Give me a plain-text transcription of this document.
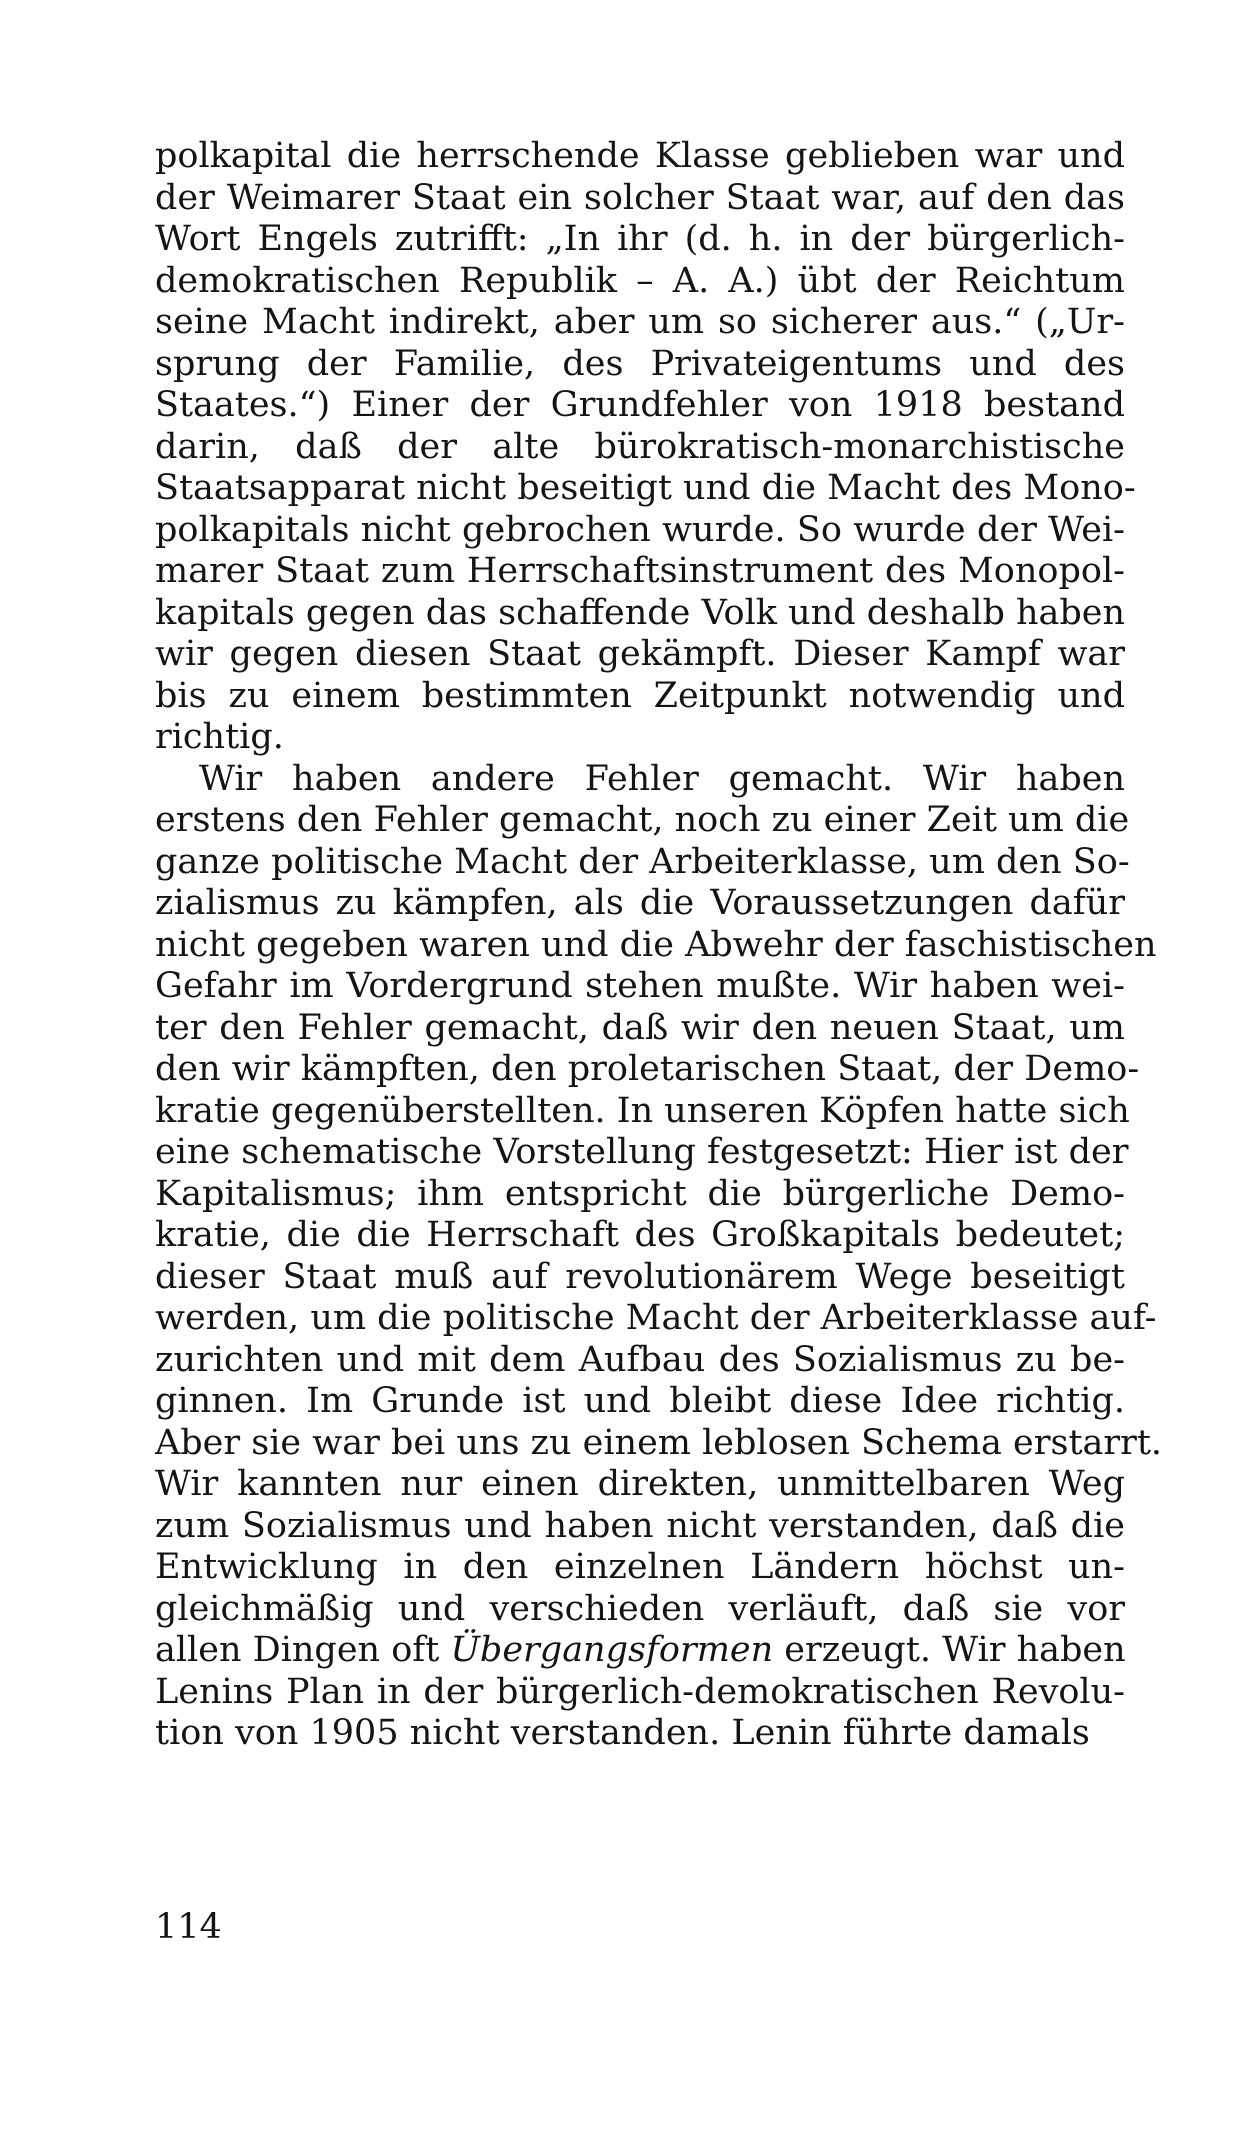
polkapital die herrschende Klasse geblieben war und
der Weimarer Staat ein solcher Staat war, auf den das
Wort Engels zutrifft: „In ihr (d. h. in der bürgerlich-
demokratischen Republik – A. A.) übt der Reichtum
seine Macht indirekt, aber um so sicherer aus.“ („Ur-
sprung der Familie, des Privateigentums und des
Staates.“) Einer der Grundfehler von 1918 bestand
darin, daß der alte bürokratisch-monarchistische
Staatsapparat nicht beseitigt und die Macht des Mono-
polkapitals nicht gebrochen wurde. So wurde der Wei-
marer Staat zum Herrschaftsinstrument des Monopol-
kapitals gegen das schaffende Volk und deshalb haben
wir gegen diesen Staat gekämpft. Dieser Kampf war
bis zu einem bestimmten Zeitpunkt notwendig und
richtig.
Wir haben andere Fehler gemacht. Wir haben
erstens den Fehler gemacht, noch zu einer Zeit um die
ganze politische Macht der Arbeiterklasse, um den So-
zialismus zu kämpfen, als die Voraussetzungen dafür
nicht gegeben waren und die Abwehr der faschistischen
Gefahr im Vordergrund stehen mußte. Wir haben wei-
ter den Fehler gemacht, daß wir den neuen Staat, um
den wir kämpften, den proletarischen Staat, der Demo-
kratie gegenüberstellten. In unseren Köpfen hatte sich
eine schematische Vorstellung festgesetzt: Hier ist der
Kapitalismus; ihm entspricht die bürgerliche Demo-
kratie, die die Herrschaft des Großkapitals bedeutet;
dieser Staat muß auf revolutionärem Wege beseitigt
werden, um die politische Macht der Arbeiterklasse auf-
zurichten und mit dem Aufbau des Sozialismus zu be-
ginnen. Im Grunde ist und bleibt diese Idee richtig.
Aber sie war bei uns zu einem leblosen Schema erstarrt.
Wir kannten nur einen direkten, unmittelbaren Weg
zum Sozialismus und haben nicht verstanden, daß die
Entwicklung in den einzelnen Ländern höchst un-
gleichmäßig und verschieden verläuft, daß sie vor
allen Dingen oft Übergangsformen erzeugt. Wir haben
Lenins Plan in der bürgerlich-demokratischen Revolu-
tion von 1905 nicht verstanden. Lenin führte damals
114
